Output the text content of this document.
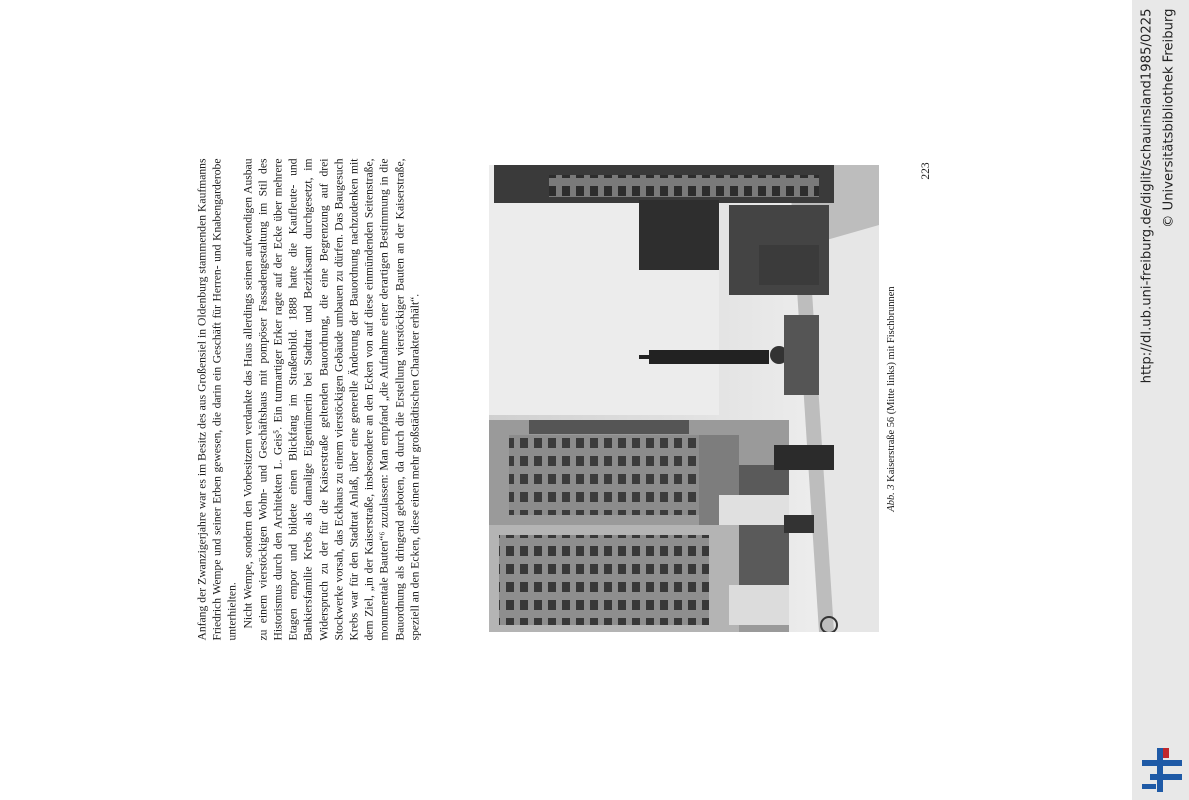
Anfang der Zwanzigerjahre war es im Besitz des aus Großensiel in Oldenburg stammenden Kaufmanns Friedrich Wempe und seiner Erben gewesen, die darin ein Geschäft für Herren- und Knabengarderobe unterhielten. Nicht Wempe, sondern den Vorbesitzern verdankte das Haus allerdings seinen aufwendigen Ausbau zu einem vierstöckigen Wohn- und Geschäftshaus mit pompöser Fassadengestaltung im Stil des Historismus durch den Architekten L. Geis⁵. Ein turmartiger Erker ragte auf der Ecke über mehrere Etagen empor und bildete einen Blickfang im Straßenbild. 1888 hatte die Kaufleute- und Bankiersfamilie Krebs als damalige Eigentümerin bei Stadtrat und Bezirksamt durchgesetzt, im Widerspruch zu der für die Kaiserstraße geltenden Bauordnung, die eine Begrenzung auf drei Stockwerke vorsah, das Eckhaus zu einem vierstöckigen Gebäude umbauen zu dürfen. Das Baugesuch Krebs war für den Stadtrat Anlaß, über eine generelle Änderung der Bauordnung nachzudenken mit dem Ziel, „in der Kaiserstraße, insbesondere an den Ecken von auf diese einmündenden Seitenstraße, monumentale Bauten“⁶ zuzulassen: Man empfand „die Aufnahme einer derartigen Bestimmung in die Bauordnung als dringend geboten, da durch die Erstellung vierstöckiger Bauten an der Kaiserstraße, speziell an den Ecken, diese einen mehr großstädtischen Charakter erhält“.	Abb. 3 Kaiserstraße 56 (Mitte links) mit Fischbrunnen
223	http://dl.ub.uni-freiburg.de/diglit/schauinsland1985/0225 © Universitätsbibliothek Freiburg
